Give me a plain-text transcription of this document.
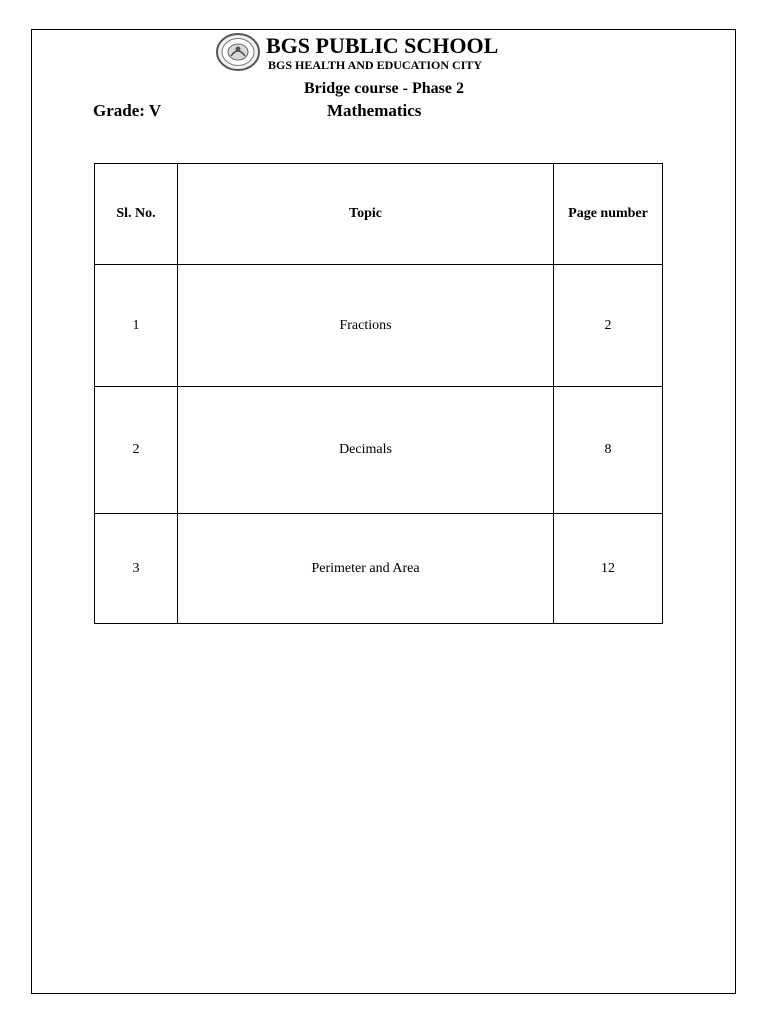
BGS PUBLIC SCHOOL
BGS HEALTH AND EDUCATION CITY
Bridge course - Phase 2
Grade: V	Mathematics
Sl. No.	Topic	Page number
1	Fractions	2
2	Decimals	8
3	Perimeter and Area	12
